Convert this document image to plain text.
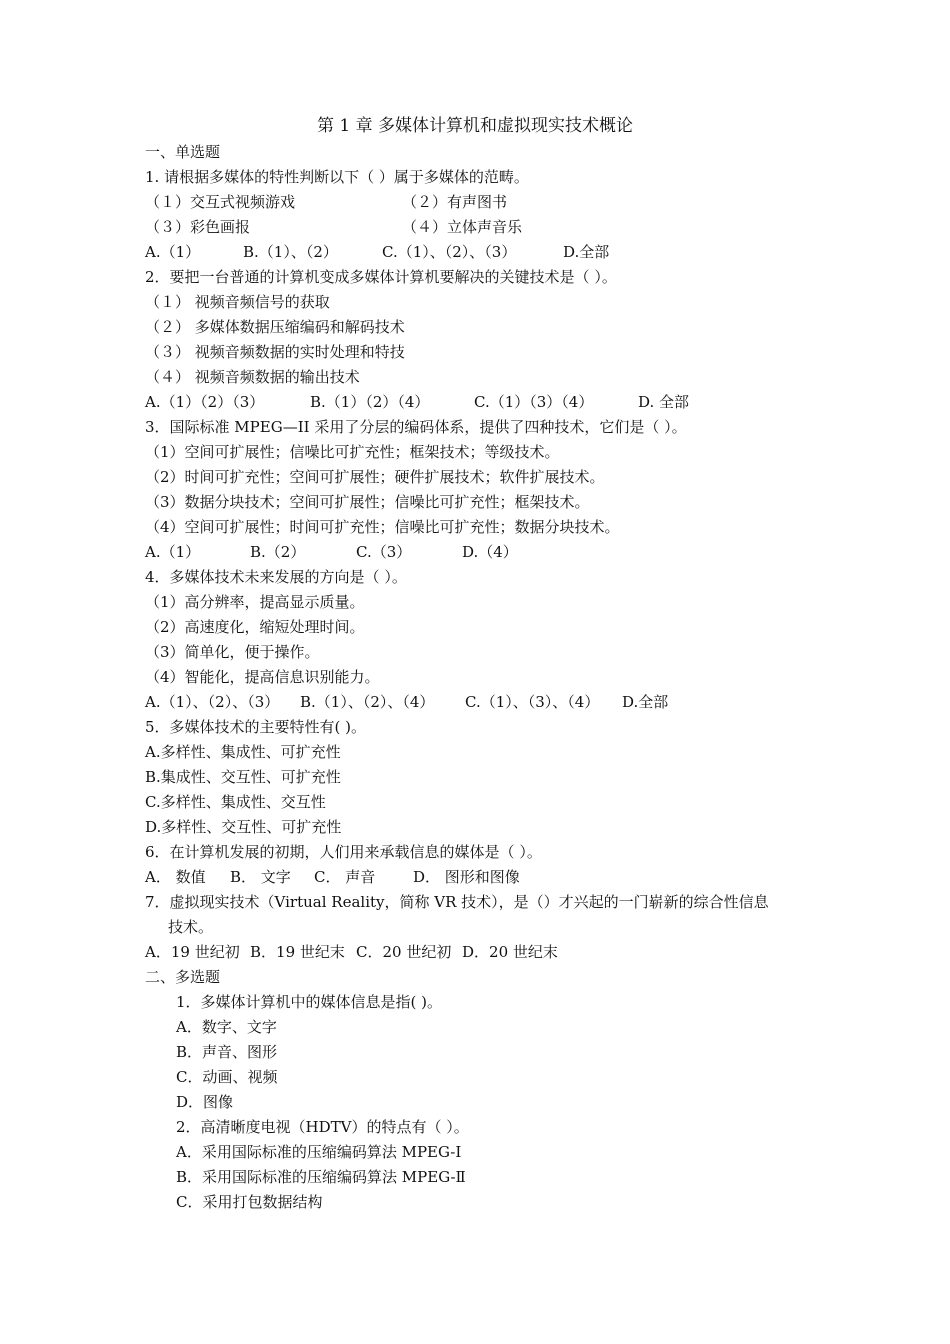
第 1 章 多媒体计算机和虚拟现实技术概论
一、单选题
1. 请根据多媒体的特性判断以下（ ）属于多媒体的范畴。
（１）交互式视频游戏	（２）有声图书
（３）彩色画报	（４）立体声音乐
A.（1）	B.（1）、（2）	C.（1）、（2）、（3）	D.全部
2．要把一台普通的计算机变成多媒体计算机要解决的关键技术是（ ）。
（１） 视频音频信号的获取
（２） 多媒体数据压缩编码和解码技术
（３） 视频音频数据的实时处理和特技
（４） 视频音频数据的输出技术
A.（1）（2）（3）	B.（1）（2）（4）	C.（1）（3）（4）	D. 全部
3．国际标准 MPEG—II 采用了分层的编码体系，提供了四种技术，它们是（ ）。
（1）空间可扩展性；信噪比可扩充性；框架技术；等级技术。
（2）时间可扩充性；空间可扩展性；硬件扩展技术；软件扩展技术。
（3）数据分块技术；空间可扩展性；信噪比可扩充性；框架技术。
（4）空间可扩展性；时间可扩充性；信噪比可扩充性；数据分块技术。
A.（1）	B.（2）	C.（3）	D.（4）
4．多媒体技术未来发展的方向是（ ）。
（1）高分辨率，提高显示质量。
（2）高速度化，缩短处理时间。
（3）简单化，便于操作。
（4）智能化，提高信息识别能力。
A.（1）、（2）、（3） B.（1）、（2）、（4） C.（1）、（3）、（4） D.全部
5．多媒体技术的主要特性有( )。
A.多样性、集成性、可扩充性
B.集成性、交互性、可扩充性
C.多样性、集成性、交互性
D.多样性、交互性、可扩充性
6．在计算机发展的初期，人们用来承载信息的媒体是（ ）。
A． 数值 B． 文字 C． 声音	D． 图形和图像
7．虚拟现实技术（Virtual Reality，简称 VR 技术），是（）才兴起的一门崭新的综合性信息
技术。
A．19 世纪初 B．19 世纪末 C．20 世纪初 D．20 世纪末
二、多选题
1．多媒体计算机中的媒体信息是指( )。
A．数字、文字
B．声音、图形
C．动画、视频
D．图像
2．高清晰度电视（HDTV）的特点有（ ）。
A．采用国际标准的压缩编码算法 MPEG-I
B．采用国际标准的压缩编码算法 MPEG-Ⅱ
C．采用打包数据结构
